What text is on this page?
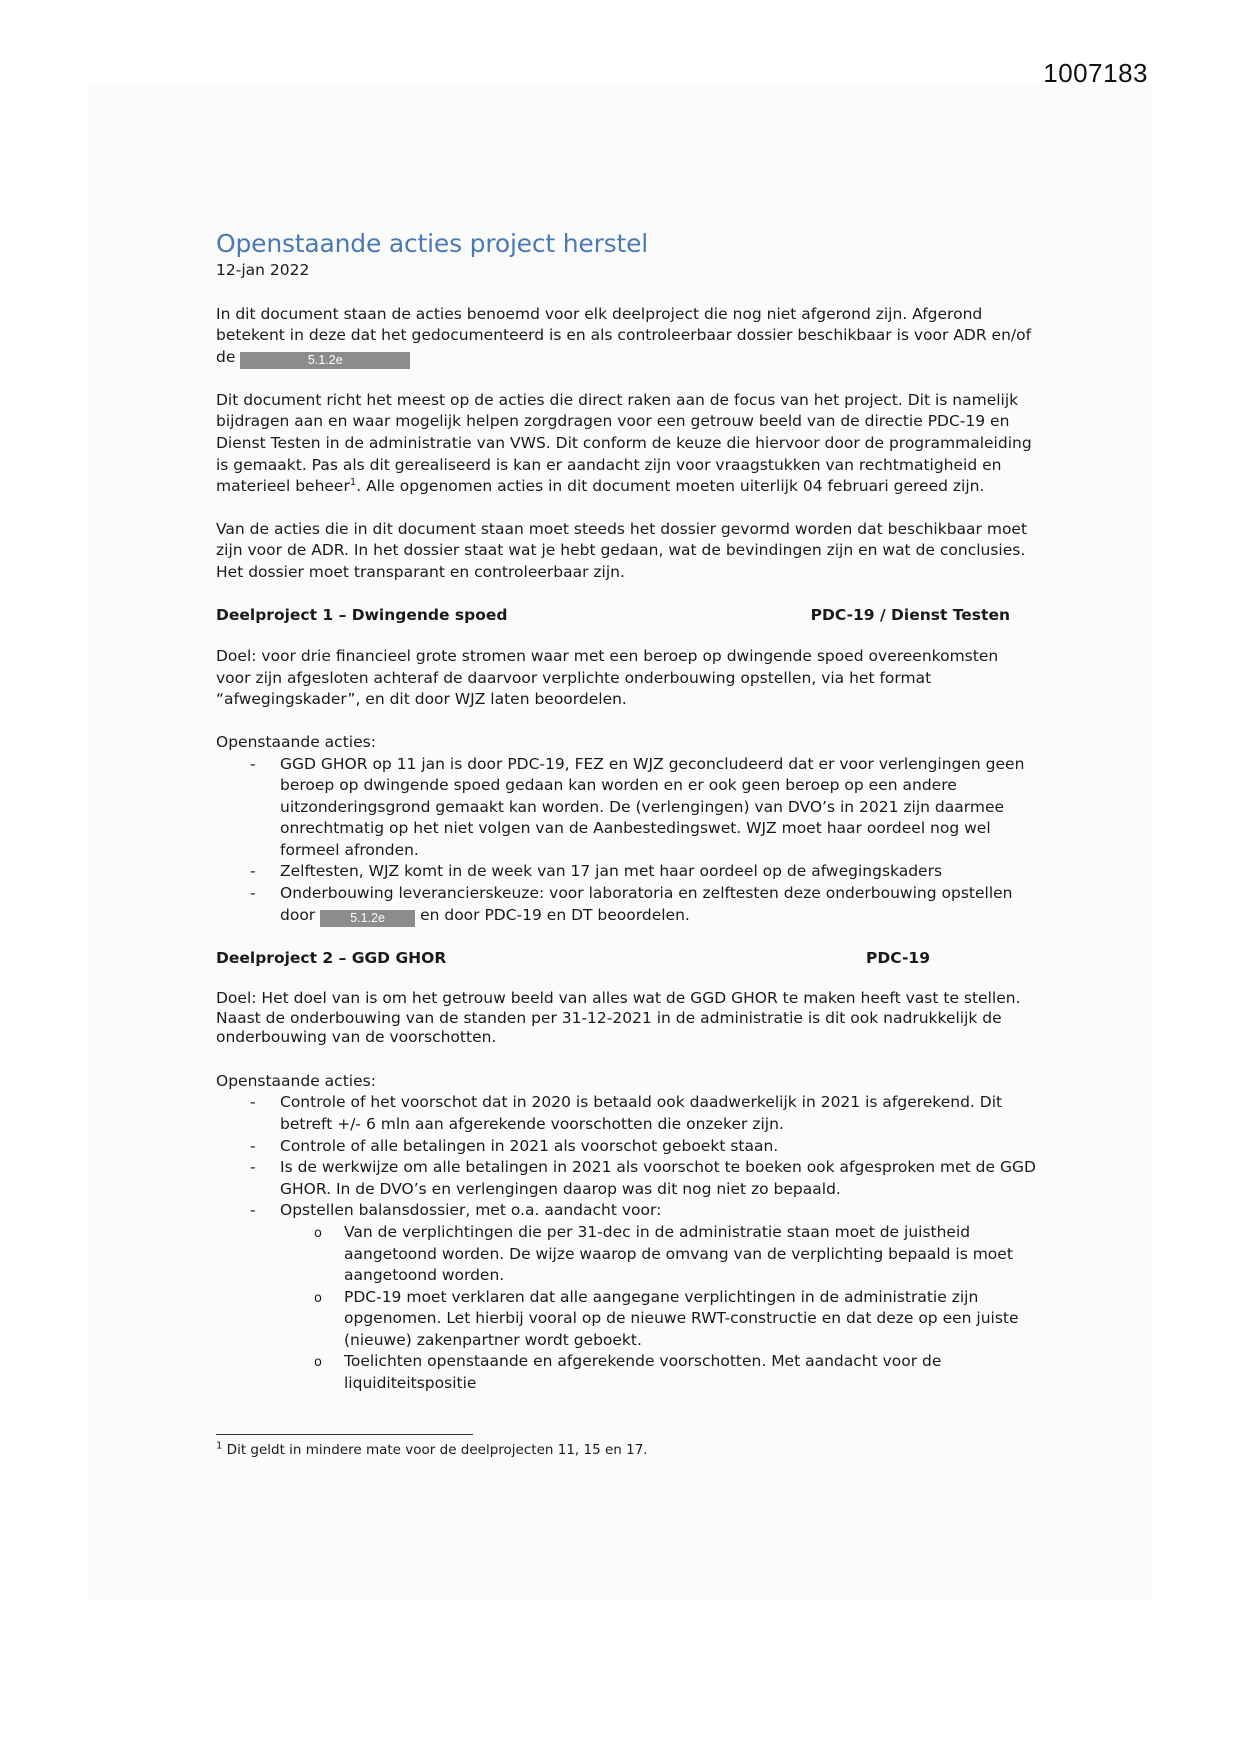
1007183
Openstaande acties project herstel
12-jan 2022

In dit document staan de acties benoemd voor elk deelproject die nog niet afgerond zijn. Afgerond betekent in deze dat het gedocumenteerd is en als controleerbaar dossier beschikbaar is voor ADR en/of de	5.1.2e

Dit document richt het meest op de acties die direct raken aan de focus van het project. Dit is namelijk bijdragen aan en waar mogelijk helpen zorgdragen voor een getrouw beeld van de directie PDC-19 en Dienst Testen in de administratie van VWS. Dit conform de keuze die hiervoor door de programmaleiding is gemaakt. Pas als dit gerealiseerd is kan er aandacht zijn voor vraagstukken van rechtmatigheid en materieel beheer$^1$. Alle opgenomen acties in dit document moeten uiterlijk 04 februari gereed zijn.

Van de acties die in dit document staan moet steeds het dossier gevormd worden dat beschikbaar moet zijn voor de ADR. In het dossier staat wat je hebt gedaan, wat de bevindingen zijn en wat de conclusies. Het dossier moet transparant en controleerbaar zijn.

Deelproject 1 – Dwingende spoed	PDC-19 / Dienst Testen

Doel: voor drie financieel grote stromen waar met een beroep op dwingende spoed overeenkomsten voor zijn afgesloten achteraf de daarvoor verplichte onderbouwing opstellen, via het format “afwegingskader”, en dit door WJZ laten beoordelen.

Openstaande acties:
- GGD GHOR op 11 jan is door PDC-19, FEZ en WJZ geconcludeerd dat er voor verlengingen geen beroep op dwingende spoed gedaan kan worden en er ook geen beroep op een andere uitzonderingsgrond gemaakt kan worden. De (verlengingen) van DVO’s in 2021 zijn daarmee onrechtmatig op het niet volgen van de Aanbestedingswet. WJZ moet haar oordeel nog wel formeel afronden.
- Zelftesten, WJZ komt in de week van 17 jan met haar oordeel op de afwegingskaders
- Onderbouwing leverancierskeuze: voor laboratoria en zelftesten deze onderbouwing opstellen door	5.1.2e en door PDC-19 en DT beoordelen.
Deelproject 2 – GGD GHOR	PDC-19

Doel: Het doel van is om het getrouw beeld van alles wat de GGD GHOR te maken heeft vast te stellen. Naast de onderbouwing van de standen per 31-12-2021 in de administratie is dit ook nadrukkelijk de onderbouwing van de voorschotten.

Openstaande acties:
- Controle of het voorschot dat in 2020 is betaald ook daadwerkelijk in 2021 is afgerekend. Dit betreft +/- 6 mln aan afgerekende voorschotten die onzeker zijn.
- Controle of alle betalingen in 2021 als voorschot geboekt staan.
- Is de werkwijze om alle betalingen in 2021 als voorschot te boeken ook afgesproken met de GGD GHOR. In de DVO’s en verlengingen daarop was dit nog niet zo bepaald.
- Opstellen balansdossier, met o.a. aandacht voor:
o Van de verplichtingen die per 31-dec in de administratie staan moet de juistheid aangetoond worden. De wijze waarop de omvang van de verplichting bepaald is moet aangetoond worden.
o PDC-19 moet verklaren dat alle aangegane verplichtingen in de administratie zijn opgenomen. Let hierbij vooral op de nieuwe RWT-constructie en dat deze op een juiste (nieuwe) zakenpartner wordt geboekt.
o Toelichten openstaande en afgerekende voorschotten. Met aandacht voor de liquiditeitspositie
$^1$ Dit geldt in mindere mate voor de deelprojecten 11, 15 en 17.
